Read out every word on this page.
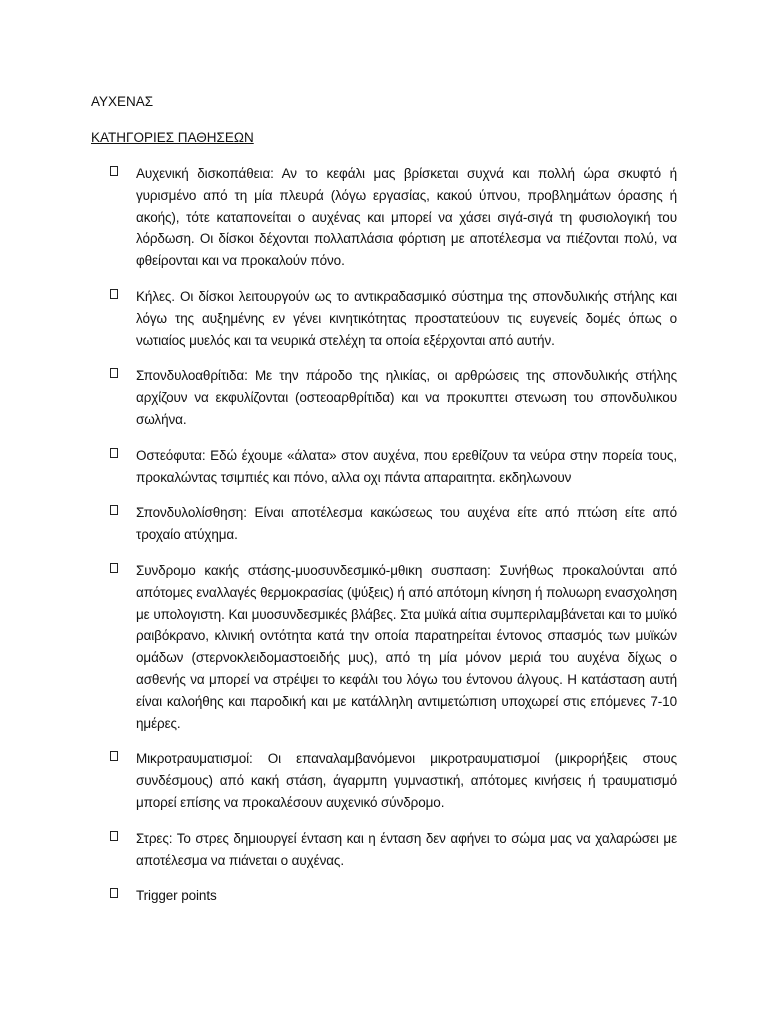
ΑΥΧΕΝΑΣ
ΚΑΤΗΓΟΡΙΕΣ ΠΑΘΗΣΕΩΝ
Αυχενική δισκοπάθεια: Αν το κεφάλι μας βρίσκεται συχνά και πολλή ώρα σκυφτό ή γυρισμένο από τη μία πλευρά (λόγω εργασίας, κακού ύπνου, προβλημάτων όρασης ή ακοής), τότε καταπονείται ο αυχένας και μπορεί να χάσει σιγά-σιγά τη φυσιολογική του λόρδωση. Οι δίσκοι δέχονται πολλαπλάσια φόρτιση με αποτέλεσμα να πιέζονται πολύ, να φθείρονται και να προκαλούν πόνο.
Κήλες. Οι δίσκοι λειτουργούν ως το αντικραδασμικό σύστημα της σπονδυλικής στήλης και λόγω της αυξημένης εν γένει κινητικότητας προστατεύουν τις ευγενείς δομές όπως ο νωτιαίος μυελός και τα νευρικά στελέχη τα οποία εξέρχονται από αυτήν.
Σπονδυλοαθρίτιδα: Με την πάροδο της ηλικίας, οι αρθρώσεις της σπονδυλικής στήλης αρχίζουν να εκφυλίζονται (οστεοαρθρίτιδα) και να προκυπτει στενωση του σπονδυλικου σωλήνα.
Οστεόφυτα: Εδώ έχουμε «άλατα» στον αυχένα, που ερεθίζουν τα νεύρα στην πορεία τους, προκαλώντας τσιμπιές και πόνο, αλλα οχι πάντα απαραιτητα. εκδηλωνουν
Σπονδυλολίσθηση: Είναι αποτέλεσμα κακώσεως του αυχένα είτε από πτώση είτε από τροχαίο ατύχημα.
Συνδρομο κακής στάσης-μυοσυνδεσμικό-μθικη συσπαση: Συνήθως προκαλούνται από απότομες εναλλαγές θερμοκρασίας (ψύξεις) ή από απότομη κίνηση ή πολυωρη ενασχοληση με υπολογιστη. Και μυοσυνδεσμικές βλάβες. Στα μυϊκά αίτια συμπεριλαμβάνεται και το μυϊκό ραιβόκρανο, κλινική οντότητα κατά την οποία παρατηρείται έντονος σπασμός των μυϊκών ομάδων (στερνοκλειδομαστοειδής μυς), από τη μία μόνον μεριά του αυχένα δίχως ο ασθενής να μπορεί να στρέψει το κεφάλι του λόγω του έντονου άλγους. Η κατάσταση αυτή είναι καλοήθης και παροδική και με κατάλληλη αντιμετώπιση υποχωρεί στις επόμενες 7-10 ημέρες.
Μικροτραυματισμοί: Οι επαναλαμβανόμενοι μικροτραυματισμοί (μικρορήξεις στους συνδέσμους) από κακή στάση, άγαρμπη γυμναστική, απότομες κινήσεις ή τραυματισμό μπορεί επίσης να προκαλέσουν αυχενικό σύνδρομο.
Στρες: Το στρες δημιουργεί ένταση και η ένταση δεν αφήνει το σώμα μας να χαλαρώσει με αποτέλεσμα να πιάνεται ο αυχένας.
Trigger points
